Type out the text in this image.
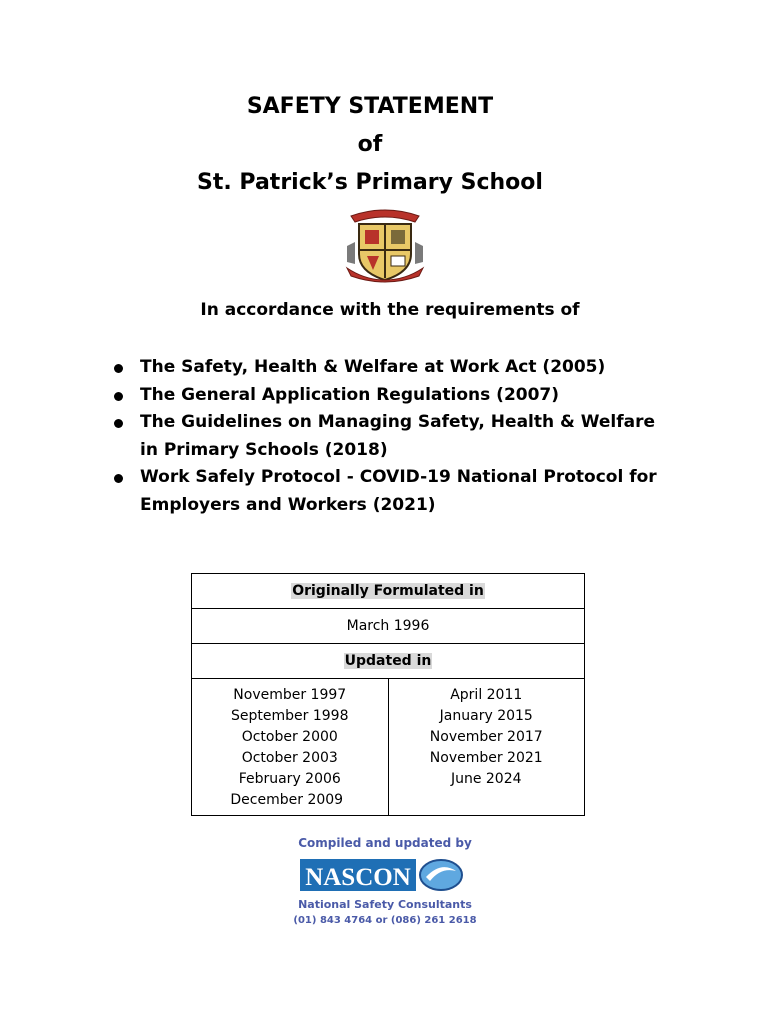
SAFETY STATEMENT
of
St. Patrick’s Primary School
In accordance with the requirements of
The Safety, Health & Welfare at Work Act (2005)
The General Application Regulations (2007)
The Guidelines on Managing Safety, Health & Welfare in Primary Schools (2018)
Work Safely Protocol - COVID-19 National Protocol for Employers and Workers (2021)
Originally Formulated in
March 1996
Updated in

November 1997
September 1998
October 2000
October 2003
February 2006
December 2009

April 2011
January 2015
November 2017
November 2021
June 2024
Compiled and updated by
NASCON
National Safety Consultants
(01) 843 4764 or (086) 261 2618
